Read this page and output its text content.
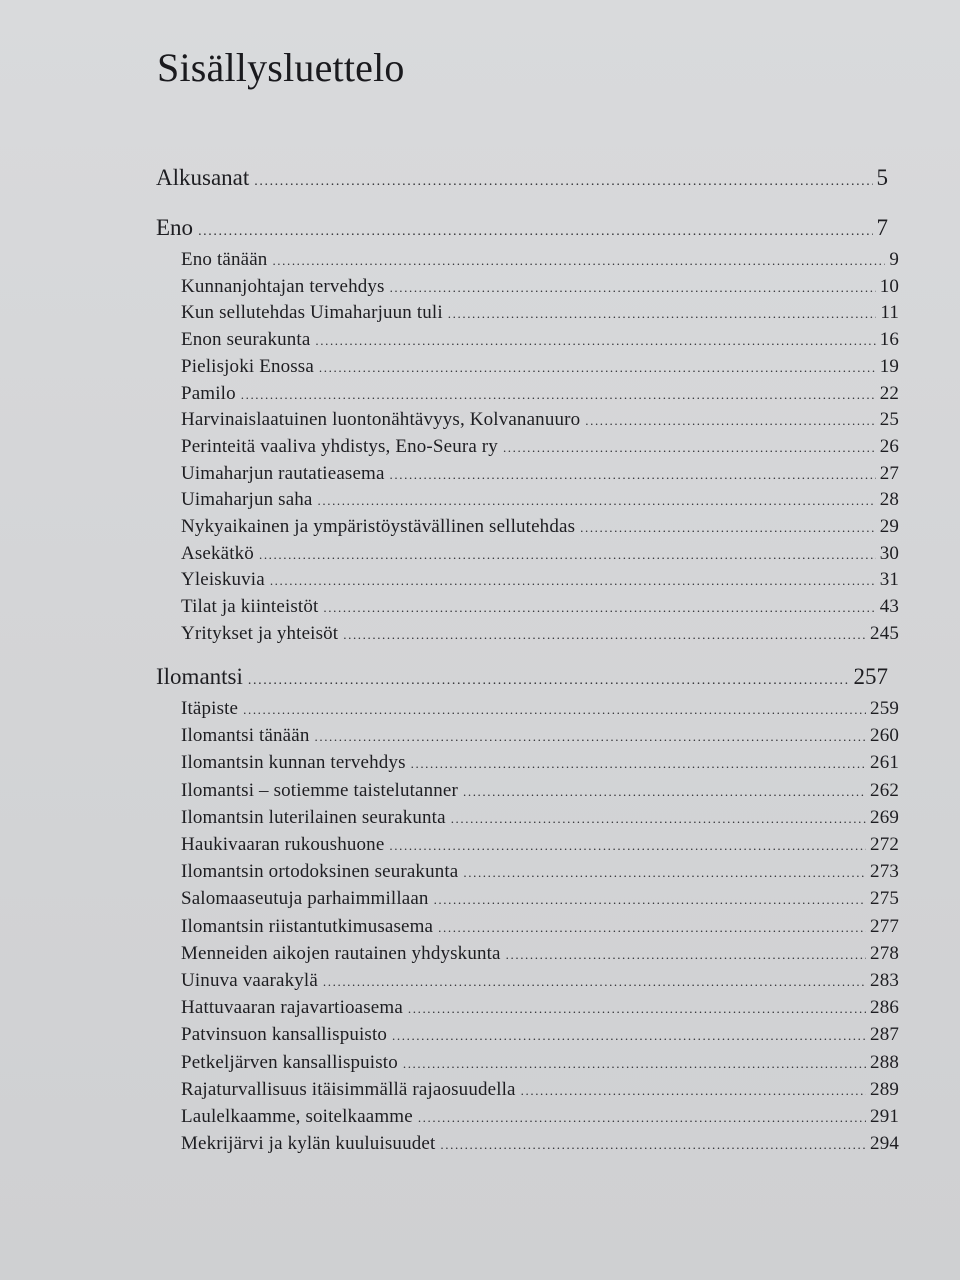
Sisällysluettelo
Alkusanat .....	5
Eno .....	7
Eno tänään .....	9
Kunnanjohtajan tervehdys .....	10
Kun sellutehdas Uimaharjuun tuli .....	11
Enon seurakunta .....	16
Pielisjoki Enossa .....	19
Pamilo .....	22
Harvinaislaatuinen luontonähtävyys, Kolvananuuro .....	25
Perinteitä vaaliva yhdistys, Eno-Seura ry .....	26
Uimaharjun rautatieasema .....	27
Uimaharjun saha .....	28
Nykyaikainen ja ympäristöystävällinen sellutehdas .....	29
Asekätkö .....	30
Yleiskuvia .....	31
Tilat ja kiinteistöt .....	43
Yritykset ja yhteisöt .....	245
Ilomantsi .....	257
Itäpiste .....	259
Ilomantsi tänään .....	260
Ilomantsin kunnan tervehdys .....	261
Ilomantsi – sotiemme taistelutanner .....	262
Ilomantsin luterilainen seurakunta .....	269
Haukivaaran rukoushuone .....	272
Ilomantsin ortodoksinen seurakunta .....	273
Salomaaseutuja parhaimmillaan .....	275
Ilomantsin riistantutkimusasema .....	277
Menneiden aikojen rautainen yhdyskunta .....	278
Uinuva vaarakylä .....	283
Hattuvaaran rajavartioasema .....	286
Patvinsuon kansallispuisto .....	287
Petkeljärven kansallispuisto .....	288
Rajaturvallisuus itäisimmällä rajaosuudella .....	289
Laulelkaamme, soitelkaamme .....	291
Mekrijärvi ja kylän kuuluisuudet .....	294
